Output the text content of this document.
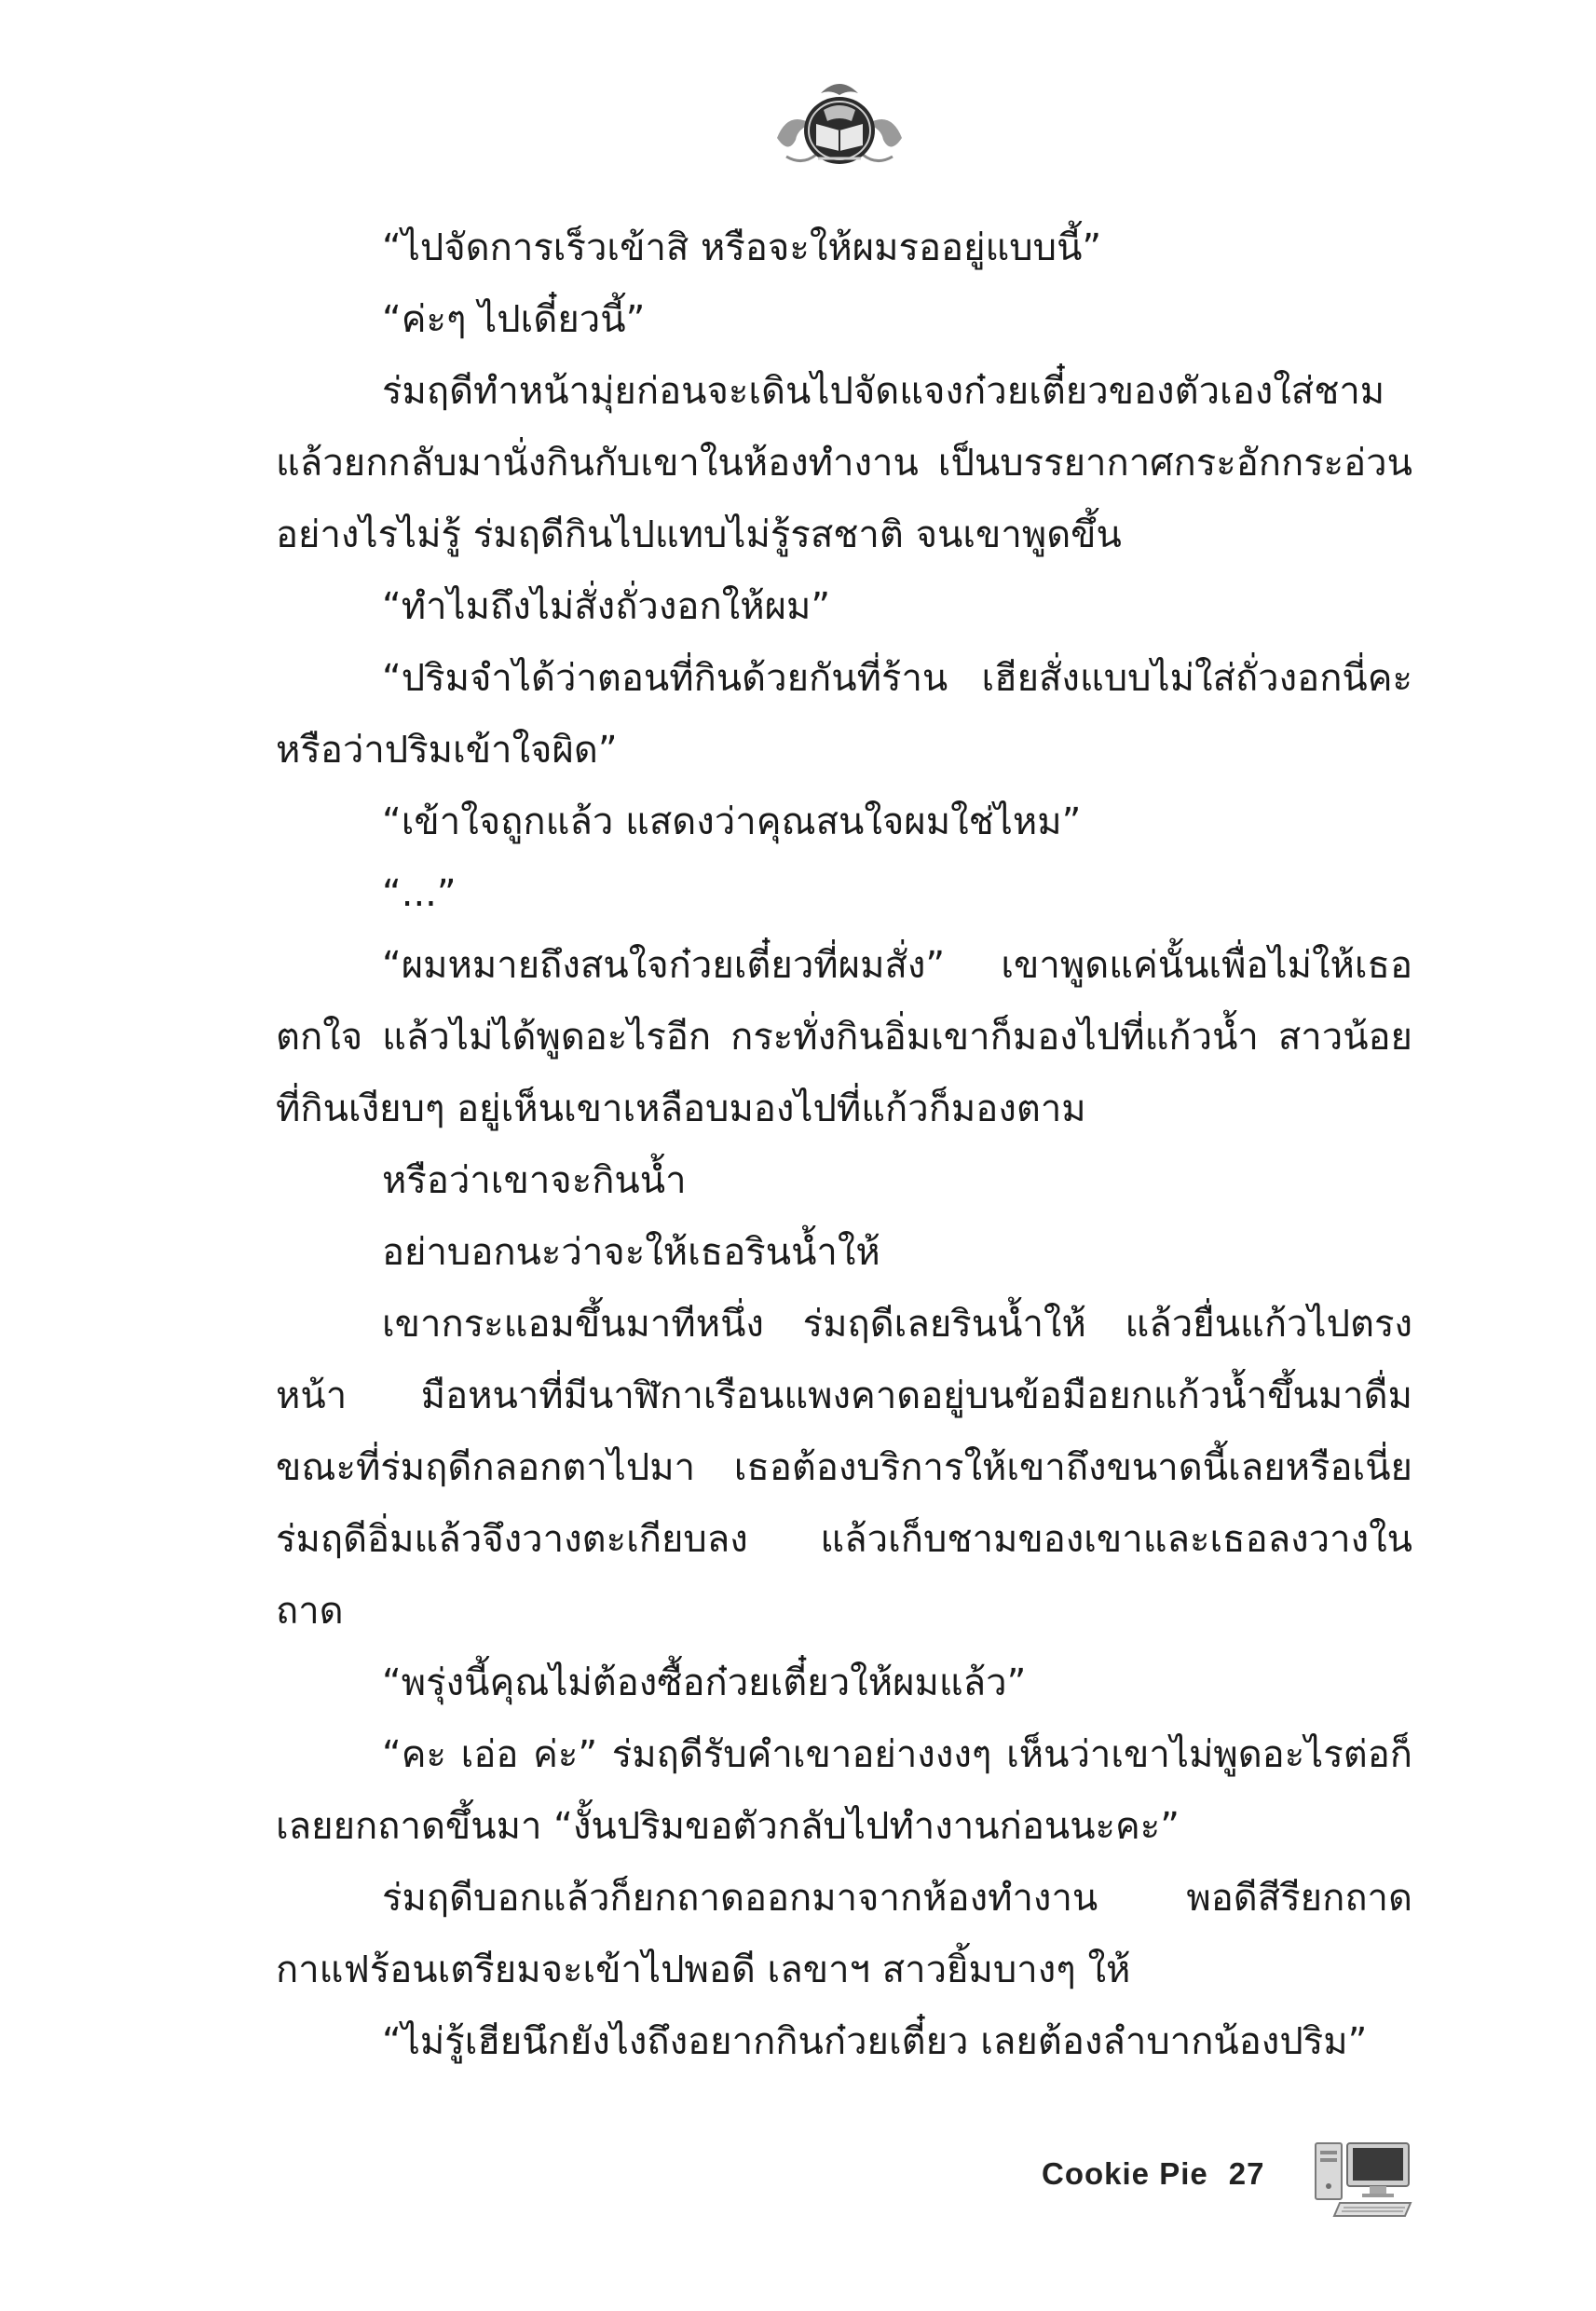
“ไปจัดการเร็วเข้าสิ หรือจะให้ผมรออยู่แบบนี้”

“ค่ะๆ ไปเดี๋ยวนี้”

ร่มฤดีทำหน้ามุ่ยก่อนจะเดินไปจัดแจงก๋วยเตี๋ยวของตัวเองใส่ชามแล้วยกกลับมานั่งกินกับเขาในห้องทำงาน เป็นบรรยากาศกระอักกระอ่วนอย่างไรไม่รู้ ร่มฤดีกินไปแทบไม่รู้รสชาติ จนเขาพูดขึ้น

“ทำไมถึงไม่สั่งถั่วงอกให้ผม”

“ปริมจำได้ว่าตอนที่กินด้วยกันที่ร้าน เฮียสั่งแบบไม่ใส่ถั่วงอกนี่คะ หรือว่าปริมเข้าใจผิด”

“เข้าใจถูกแล้ว แสดงว่าคุณสนใจผมใช่ไหม”

“...”

“ผมหมายถึงสนใจก๋วยเตี๋ยวที่ผมสั่ง” เขาพูดแค่นั้นเพื่อไม่ให้เธอตกใจ แล้วไม่ได้พูดอะไรอีก กระทั่งกินอิ่มเขาก็มองไปที่แก้วน้ำ สาวน้อยที่กินเงียบๆ อยู่เห็นเขาเหลือบมองไปที่แก้วก็มองตาม

หรือว่าเขาจะกินน้ำ

อย่าบอกนะว่าจะให้เธอรินน้ำให้

เขากระแอมขึ้นมาทีหนึ่ง ร่มฤดีเลยรินน้ำให้ แล้วยื่นแก้วไปตรงหน้า มือหนาที่มีนาฬิกาเรือนแพงคาดอยู่บนข้อมือยกแก้วน้ำขึ้นมาดื่ม ขณะที่ร่มฤดีกลอกตาไปมา เธอต้องบริการให้เขาถึงขนาดนี้เลยหรือเนี่ย ร่มฤดีอิ่มแล้วจึงวางตะเกียบลง แล้วเก็บชามของเขาและเธอลงวางในถาด

“พรุ่งนี้คุณไม่ต้องซื้อก๋วยเตี๋ยวให้ผมแล้ว”

“คะ เอ่อ ค่ะ” ร่มฤดีรับคำเขาอย่างงงๆ เห็นว่าเขาไม่พูดอะไรต่อก็เลยยกถาดขึ้นมา “งั้นปริมขอตัวกลับไปทำงานก่อนนะคะ”

ร่มฤดีบอกแล้วก็ยกถาดออกมาจากห้องทำงาน พอดีสีรียกถาดกาแฟร้อนเตรียมจะเข้าไปพอดี เลขาฯ สาวยิ้มบางๆ ให้

“ไม่รู้เฮียนึกยังไงถึงอยากกินก๋วยเตี๋ยว เลยต้องลำบากน้องปริม”

Cookie Pie 27
